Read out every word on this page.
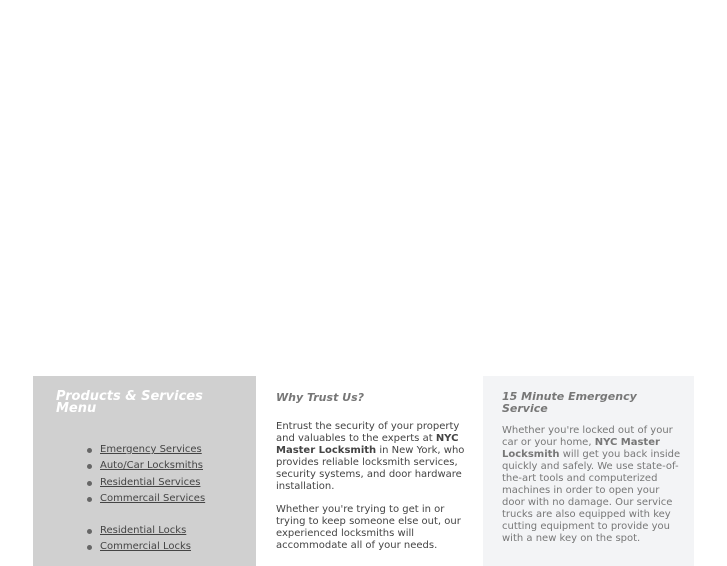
Products & Services Menu
Emergency Services
Auto/Car Locksmiths
Residential Services
Commercail Services
Residential Locks
Commercial Locks
Why Trust Us?

Entrust the security of your property and valuables to the experts at NYC Master Locksmith in New York, who provides reliable locksmith services, security systems, and door hardware installation.

Whether you're trying to get in or trying to keep someone else out, our experienced locksmiths will accommodate all of your needs.

15 Minute Emergency Service

Whether you're locked out of your car or your home, NYC Master Locksmith will get you back inside quickly and safely. We use state-of-the-art tools and computerized machines in order to open your door with no damage. Our service trucks are also equipped with key cutting equipment to provide you with a new key on the spot.
